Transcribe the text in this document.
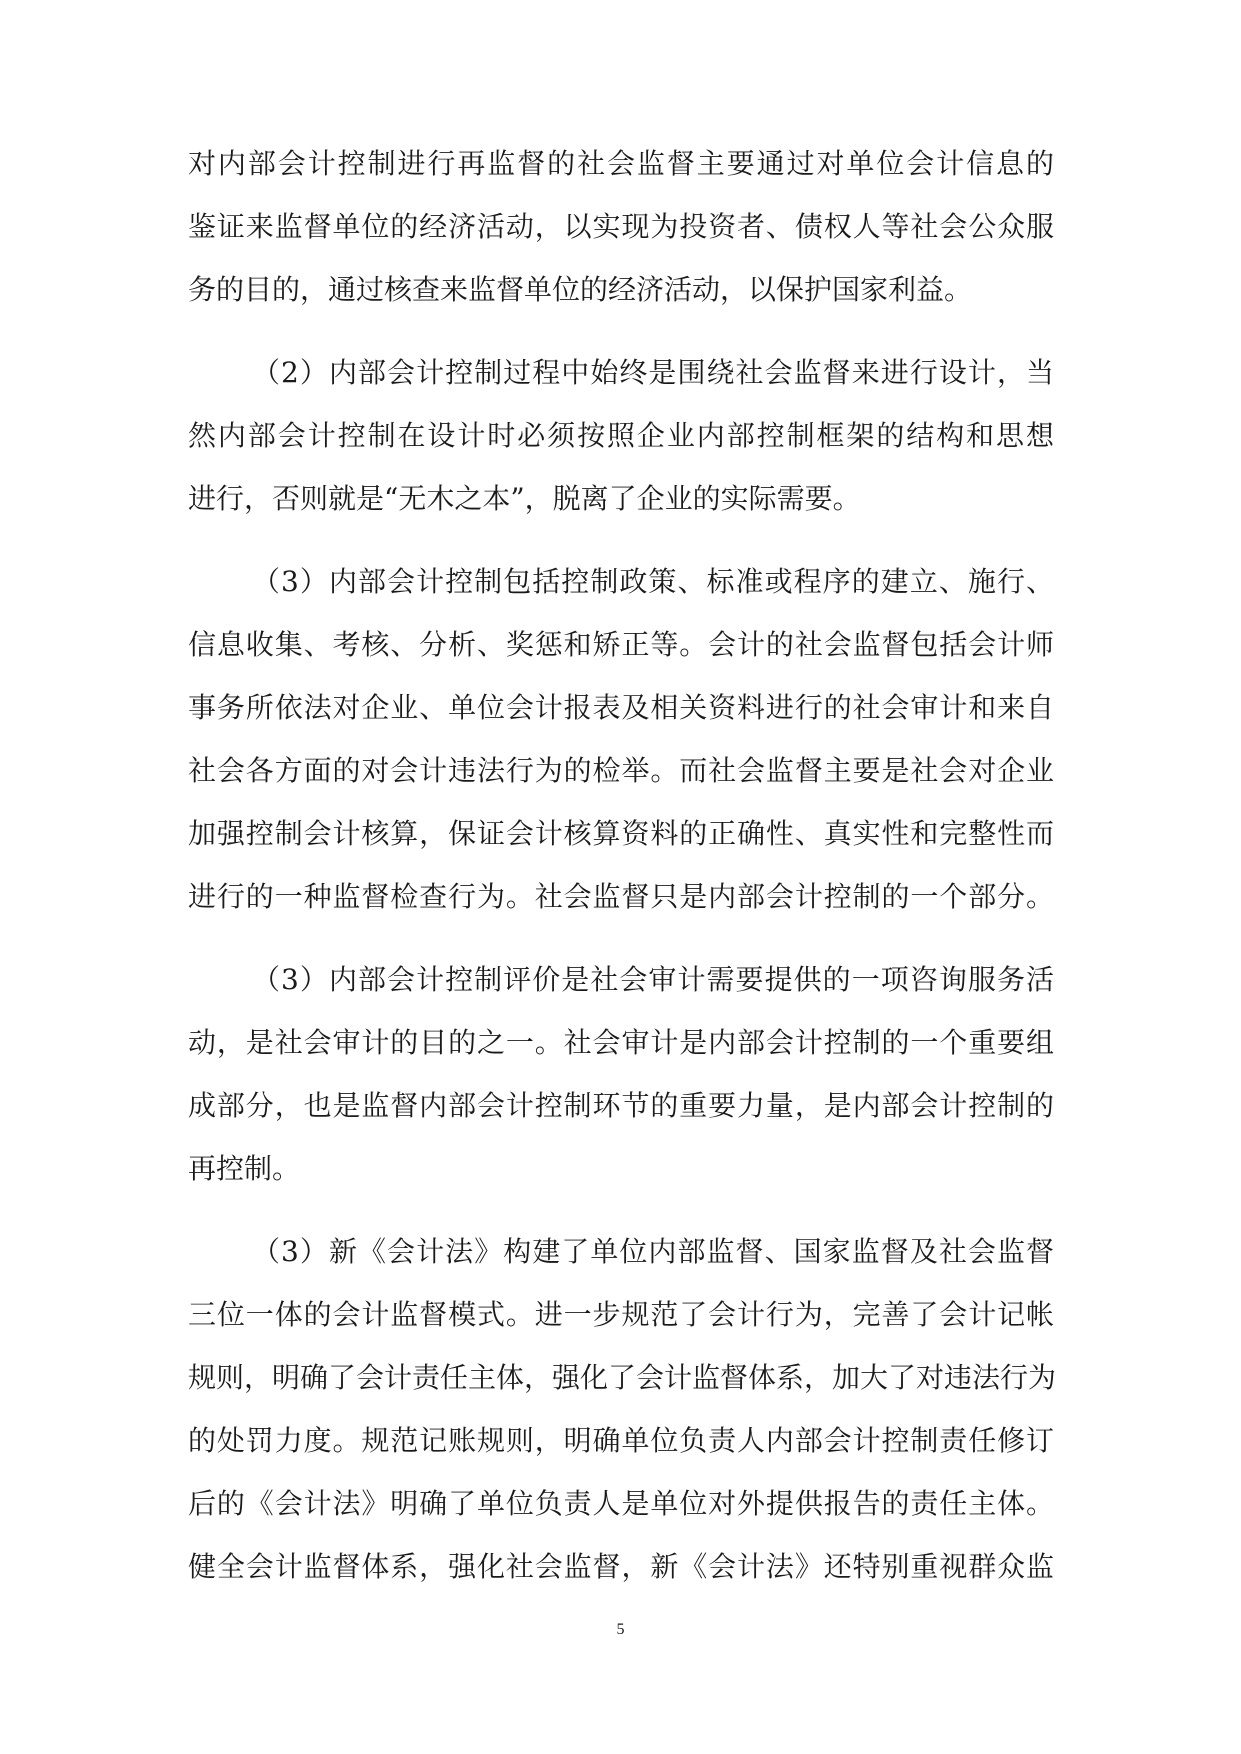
对内部会计控制进行再监督的社会监督主要通过对单位会计信息的
鉴证来监督单位的经济活动，以实现为投资者、债权人等社会公众服
务的目的，通过核查来监督单位的经济活动，以保护国家利益。
（2）内部会计控制过程中始终是围绕社会监督来进行设计，当
然内部会计控制在设计时必须按照企业内部控制框架的结构和思想
进行，否则就是“无木之本”，脱离了企业的实际需要。
（3）内部会计控制包括控制政策、标准或程序的建立、施行、
信息收集、考核、分析、奖惩和矫正等。会计的社会监督包括会计师
事务所依法对企业、单位会计报表及相关资料进行的社会审计和来自
社会各方面的对会计违法行为的检举。而社会监督主要是社会对企业
加强控制会计核算，保证会计核算资料的正确性、真实性和完整性而
进行的一种监督检查行为。社会监督只是内部会计控制的一个部分。
（3）内部会计控制评价是社会审计需要提供的一项咨询服务活
动，是社会审计的目的之一。社会审计是内部会计控制的一个重要组
成部分，也是监督内部会计控制环节的重要力量，是内部会计控制的
再控制。
（3）新《会计法》构建了单位内部监督、国家监督及社会监督
三位一体的会计监督模式。进一步规范了会计行为，完善了会计记帐
规则，明确了会计责任主体，强化了会计监督体系，加大了对违法行为
的处罚力度。规范记账规则，明确单位负责人内部会计控制责任修订
后的《会计法》明确了单位负责人是单位对外提供报告的责任主体。
健全会计监督体系，强化社会监督，新《会计法》还特别重视群众监
5
